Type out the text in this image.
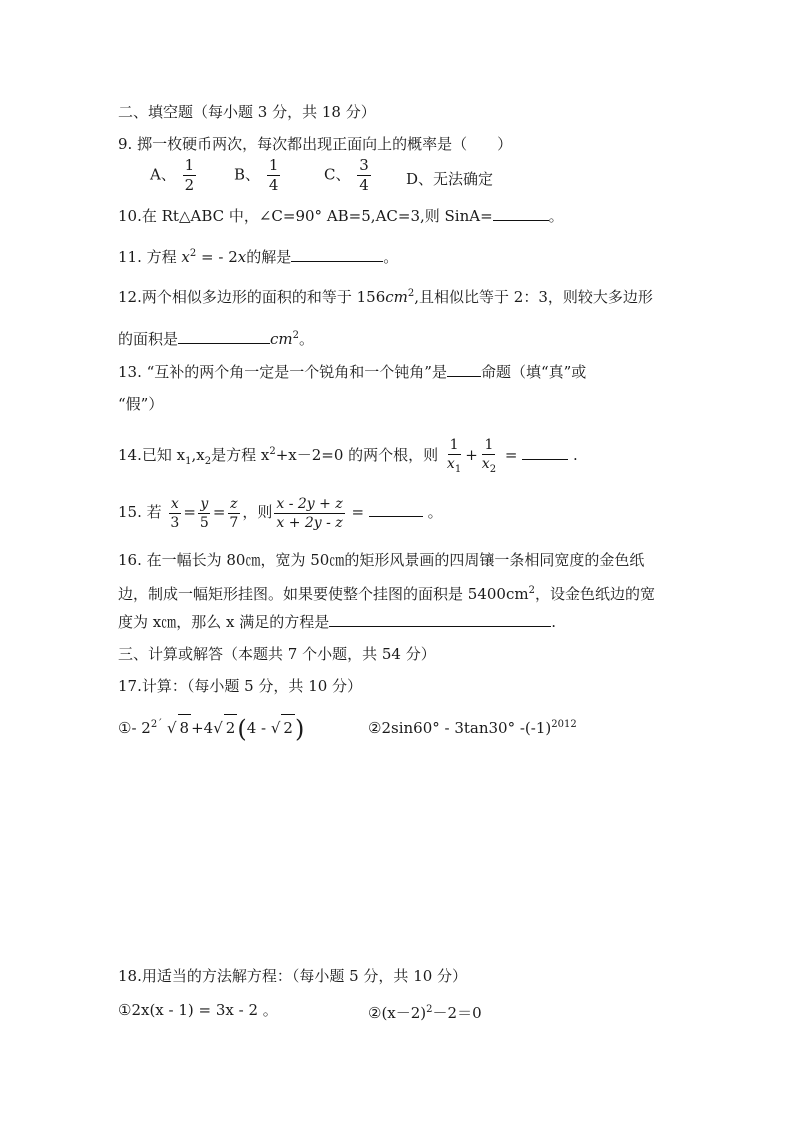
二、填空题（每小题 3 分，共 18 分）
9. 掷一枚硬币两次，每次都出现正面向上的概率是（　　）
A、 $\frac{1}{2}$	B、 $\frac{1}{4}$	C、 $\frac{3}{4}$ D、无法确定
10.在 Rt△ABC 中，∠C=90° AB=5,AC=3,则 SinA=	。
11. 方程 $x^2$ = - 2x的解是	。
12.两个相似多边形的面积的和等于 $156cm^2$,且相似比等于 2：3，则较大多边形
的面积是	$cm^2$。
13. “互补的两个角一定是一个锐角和一个钝角”是 命题（填“真”或
“假”）
14.已知 $x_1,x_2$是方程 $x^2+x-2=0$ 的两个根，则 $\frac{1}{x_1} + \frac{1}{x_2}$ =	.
15. 若 $\frac{x}{3} = \frac{y}{5} = \frac{z}{7}$ ，则 $\frac{x - 2y + z}{x + 2y - z}$ =	。
16. 在一幅长为 80㎝，宽为 50㎝的矩形风景画的四周镶一条相同宽度的金色纸
边，制成一幅矩形挂图。如果要使整个挂图的面积是 $5400cm^2$，设金色纸边的宽
度为 x㎝，那么 x 满足的方程是	.
三、计算或解答（本题共 7 个小题，共 54 分）
17.计算：（每小题 5 分，共 10 分）
①- $2^{2´}$ √ 8 +4√ 2(4 - √ 2)	②2sin60° - 3tan30° $-(-1)^{2012}$
18.用适当的方法解方程：（每小题 5 分，共 10 分）
①2x(x - 1) = 3x - 2 。	$②(x-2)^2-2=0$
